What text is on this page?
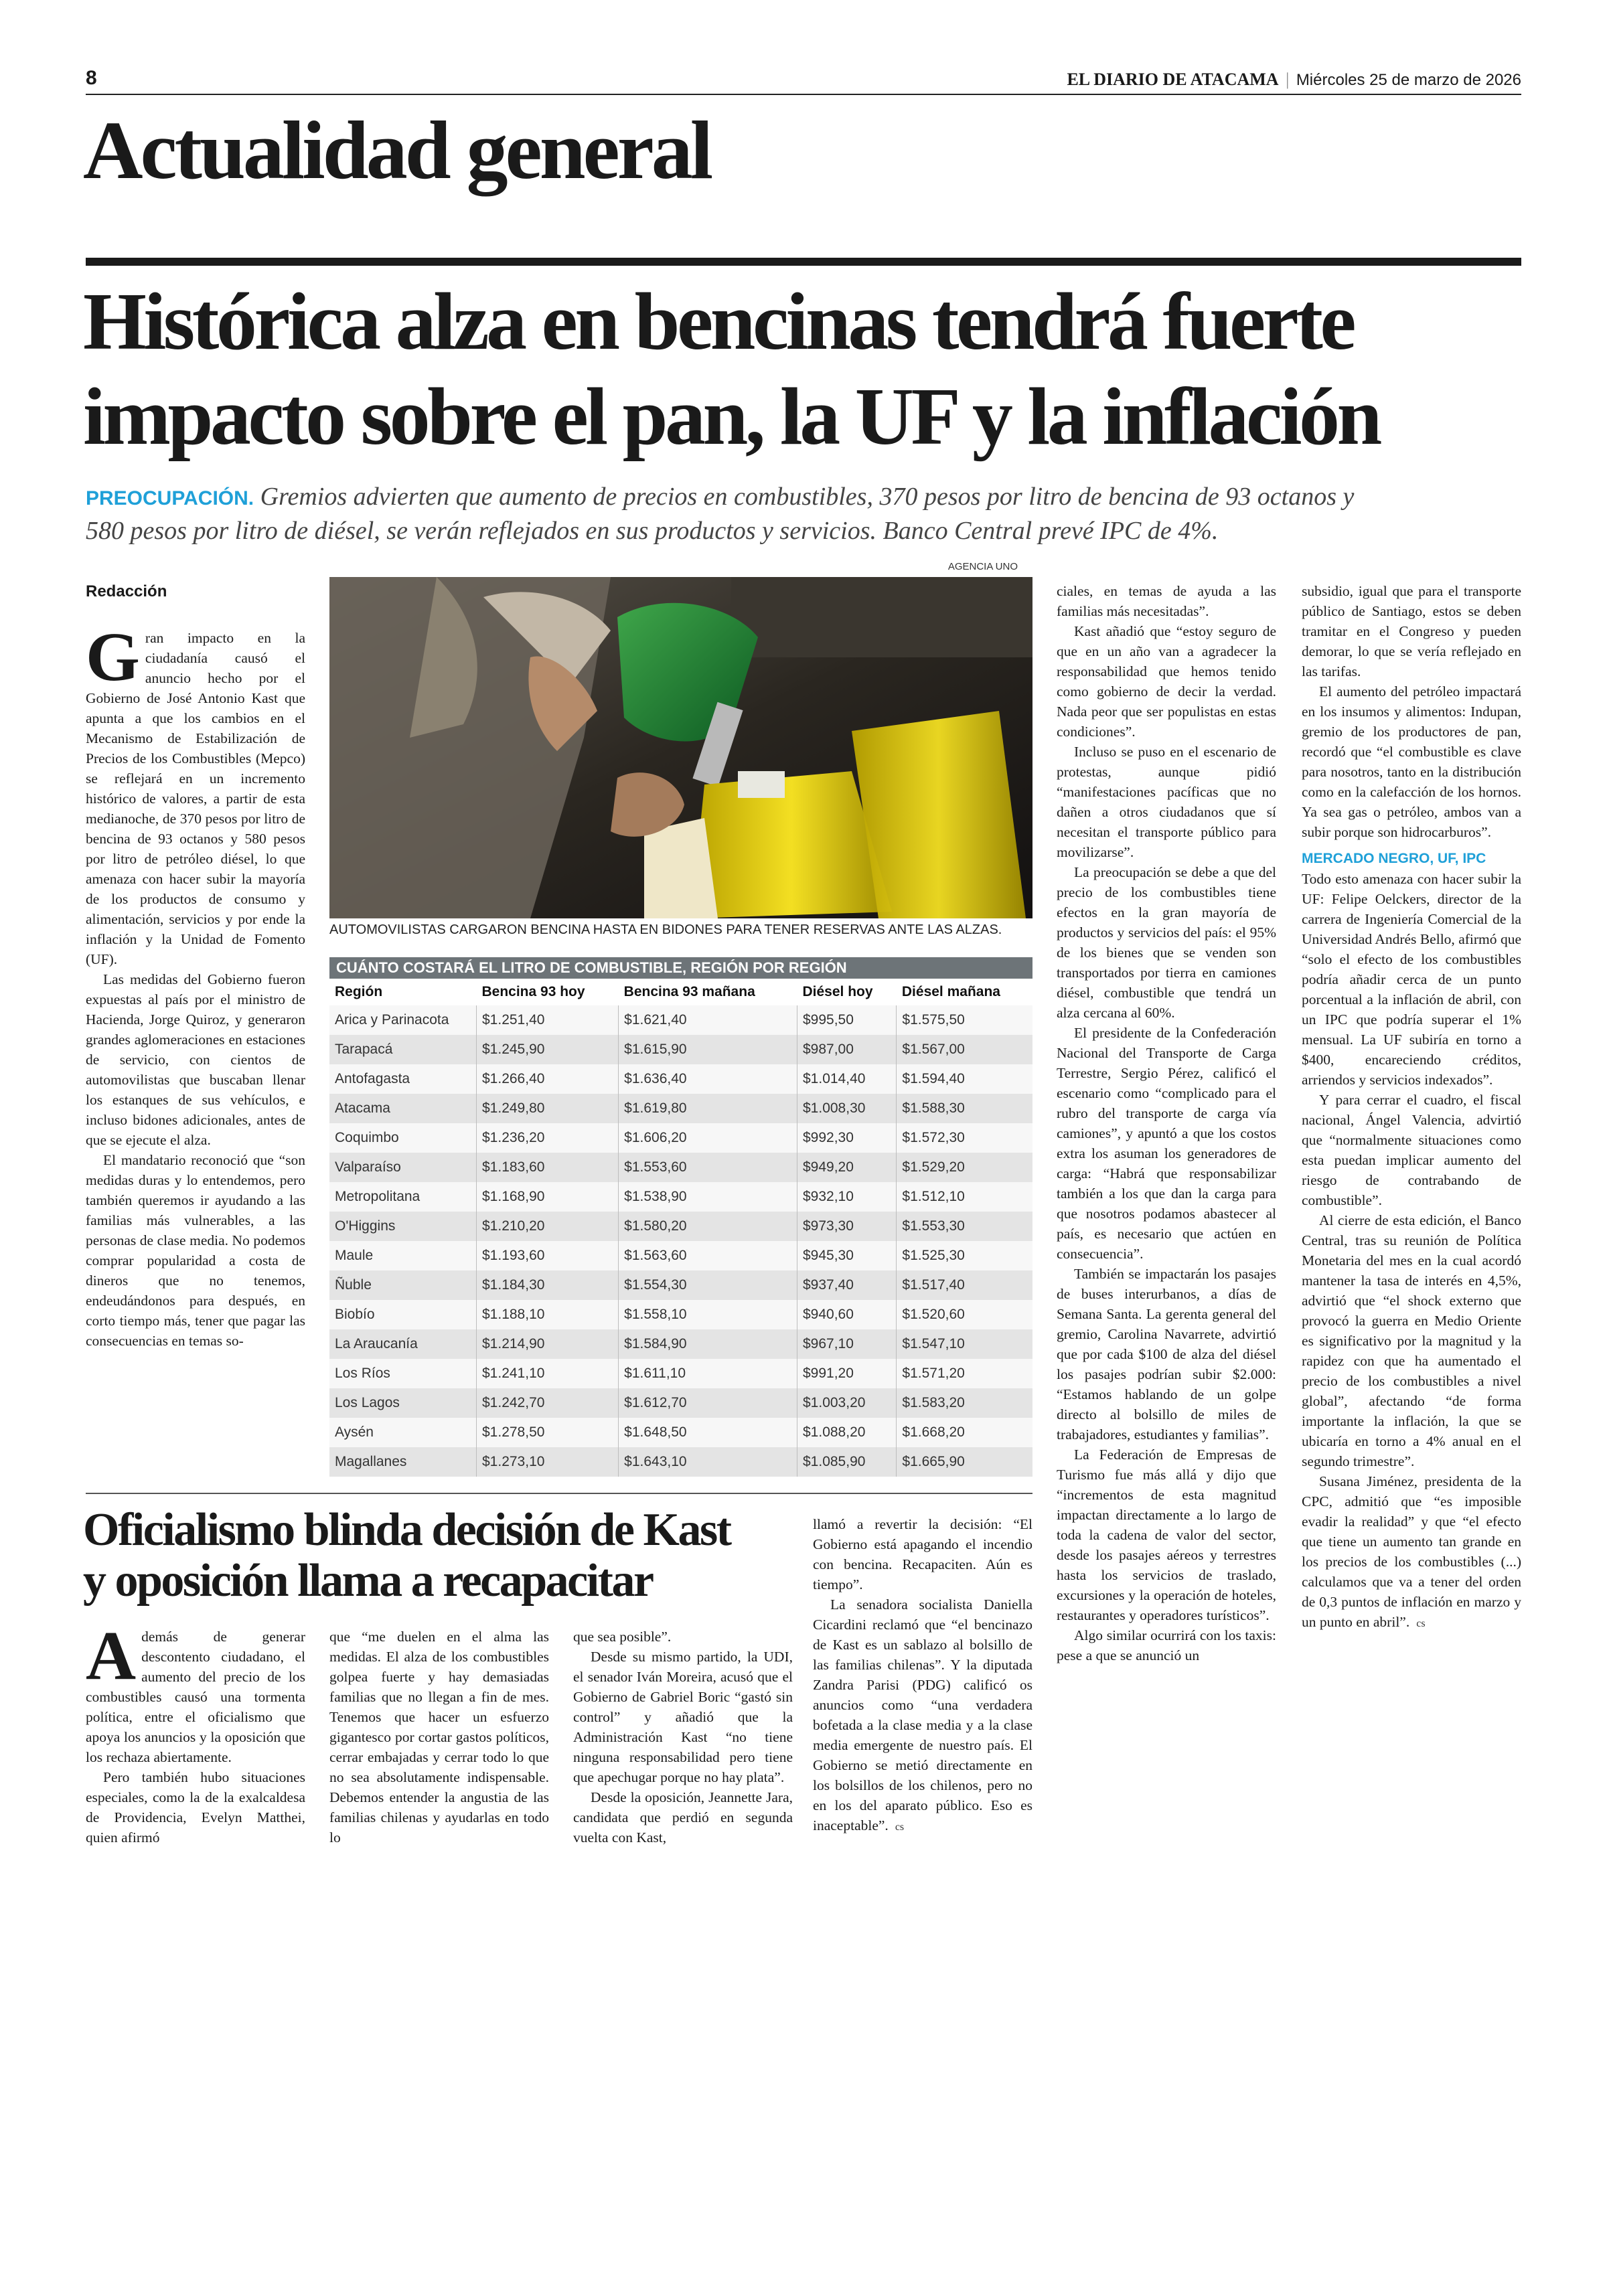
8	EL DIARIO DE ATACAMA | Miércoles 25 de marzo de 2026
Actualidad general
Histórica alza en bencinas tendrá fuerte
impacto sobre el pan, la UF y la inflación
PREOCUPACIÓN. Gremios advierten que aumento de precios en combustibles, 370 pesos por litro de bencina de 93 octanos y
580 pesos por litro de diésel, se verán reflejados en sus productos y servicios. Banco Central prevé IPC de 4%.
Redacción

Gran impacto en la ciudadanía causó el anuncio hecho por el Gobierno de José Antonio Kast que apunta a que los cambios en el Mecanismo de Estabilización de Precios de los Combustibles (Mepco) se reflejará en un incremento histórico de valores, a partir de esta medianoche, de 370 pesos por litro de bencina de 93 octanos y 580 pesos por litro de petróleo diésel, lo que amenaza con hacer subir la mayoría de los productos de consumo y alimentación, servicios y por ende la inflación y la Unidad de Fomento (UF).

Las medidas del Gobierno fueron expuestas al país por el ministro de Hacienda, Jorge Quiroz, y generaron grandes aglomeraciones en estaciones de servicio, con cientos de automovilistas que buscaban llenar los estanques de sus vehículos, e incluso bidones adicionales, antes de que se ejecute el alza.

El mandatario reconoció que “son medidas duras y lo entendemos, pero también queremos ir ayudando a las familias más vulnerables, a las personas de clase media. No podemos comprar popularidad a costa de dineros que no tenemos, endeudándonos para después, en corto tiempo más, tener que pagar las consecuencias en temas so-

AGENCIA UNO
AUTOMOVILISTAS CARGARON BENCINA HASTA EN BIDONES PARA TENER RESERVAS ANTE LAS ALZAS.
CUÁNTO COSTARÁ EL LITRO DE COMBUSTIBLE, REGIÓN POR REGIÓN
Región	Bencina 93 hoy	Bencina 93 mañana	Diésel hoy	Diésel mañana
Arica y Parinacota	$1.251,40	$1.621,40	$995,50	$1.575,50
Tarapacá	$1.245,90	$1.615,90	$987,00	$1.567,00
Antofagasta	$1.266,40	$1.636,40	$1.014,40	$1.594,40
Atacama	$1.249,80	$1.619,80	$1.008,30	$1.588,30
Coquimbo	$1.236,20	$1.606,20	$992,30	$1.572,30
Valparaíso	$1.183,60	$1.553,60	$949,20	$1.529,20
Metropolitana	$1.168,90	$1.538,90	$932,10	$1.512,10
O'Higgins	$1.210,20	$1.580,20	$973,30	$1.553,30
Maule	$1.193,60	$1.563,60	$945,30	$1.525,30
Ñuble	$1.184,30	$1.554,30	$937,40	$1.517,40
Biobío	$1.188,10	$1.558,10	$940,60	$1.520,60
La Araucanía	$1.214,90	$1.584,90	$967,10	$1.547,10
Los Ríos	$1.241,10	$1.611,10	$991,20	$1.571,20
Los Lagos	$1.242,70	$1.612,70	$1.003,20	$1.583,20
Aysén	$1.278,50	$1.648,50	$1.088,20	$1.668,20
Magallanes	$1.273,10	$1.643,10	$1.085,90	$1.665,90

ciales, en temas de ayuda a las familias más necesitadas”.

Kast añadió que “estoy seguro de que en un año van a agradecer la responsabilidad que hemos tenido como gobierno de decir la verdad. Nada peor que ser populistas en estas condiciones”.

Incluso se puso en el escenario de protestas, aunque pidió “manifestaciones pacíficas que no dañen a otros ciudadanos que sí necesitan el transporte público para movilizarse”.

La preocupación se debe a que del precio de los combustibles tiene efectos en la gran mayoría de productos y servicios del país: el 95% de los bienes que se venden son transportados por tierra en camiones diésel, combustible que tendrá un alza cercana al 60%.

El presidente de la Confederación Nacional del Transporte de Carga Terrestre, Sergio Pérez, calificó el escenario como “complicado para el rubro del transporte de carga vía camiones”, y apuntó a que los costos extra los asuman los generadores de carga: “Habrá que responsabilizar también a los que dan la carga para que nosotros podamos abastecer al país, es necesario que actúen en consecuencia”.

También se impactarán los pasajes de buses interurbanos, a días de Semana Santa. La gerenta general del gremio, Carolina Navarrete, advirtió que por cada $100 de alza del diésel los pasajes podrían subir $2.000: “Estamos hablando de un golpe directo al bolsillo de miles de trabajadores, estudiantes y familias”.

La Federación de Empresas de Turismo fue más allá y dijo que “incrementos de esta magnitud impactan directamente a lo largo de toda la cadena de valor del sector, desde los pasajes aéreos y terrestres hasta los servicios de traslado, excursiones y la operación de hoteles, restaurantes y operadores turísticos”.

Algo similar ocurrirá con los taxis: pese a que se anunció un

subsidio, igual que para el transporte público de Santiago, estos se deben tramitar en el Congreso y pueden demorar, lo que se vería reflejado en las tarifas.

El aumento del petróleo impactará en los insumos y alimentos: Indupan, gremio de los productores de pan, recordó que “el combustible es clave para nosotros, tanto en la distribución como en la calefacción de los hornos. Ya sea gas o petróleo, ambos van a subir porque son hidrocarburos”.

MERCADO NEGRO, UF, IPC

Todo esto amenaza con hacer subir la UF: Felipe Oelckers, director de la carrera de Ingeniería Comercial de la Universidad Andrés Bello, afirmó que “solo el efecto de los combustibles podría añadir cerca de un punto porcentual a la inflación de abril, con un IPC que podría superar el 1% mensual. La UF subiría en torno a $400, encareciendo créditos, arriendos y servicios indexados”.

Y para cerrar el cuadro, el fiscal nacional, Ángel Valencia, advirtió que “normalmente situaciones como esta puedan implicar aumento del riesgo de contrabando de combustible”.

Al cierre de esta edición, el Banco Central, tras su reunión de Política Monetaria del mes en la cual acordó mantener la tasa de interés en 4,5%, advirtió que “el shock externo que provocó la guerra en Medio Oriente es significativo por la magnitud y la rapidez con que ha aumentado el precio de los combustibles a nivel global”, afectando “de forma importante la inflación, la que se ubicaría en torno a 4% anual en el segundo trimestre”.

Susana Jiménez, presidenta de la CPC, admitió que “es imposible evadir la realidad” y que “el efecto que tiene un aumento tan grande en los precios de los combustibles (...) calculamos que va a tener del orden de 0,3 puntos de inflación en marzo y un punto en abril”. cs

Oficialismo blinda decisión de Kast
y oposición llama a recapacitar

Además de generar descontento ciudadano, el aumento del precio de los combustibles causó una tormenta política, entre el oficialismo que apoya los anuncios y la oposición que los rechaza abiertamente.

Pero también hubo situaciones especiales, como la de la exalcaldesa de Providencia, Evelyn Matthei, quien afirmó

que “me duelen en el alma las medidas. El alza de los combustibles golpea fuerte y hay demasiadas familias que no llegan a fin de mes. Tenemos que hacer un esfuerzo gigantesco por cortar gastos políticos, cerrar embajadas y cerrar todo lo que no sea absolutamente indispensable. Debemos entender la angustia de las familias chilenas y ayudarlas en todo lo

que sea posible”.

Desde su mismo partido, la UDI, el senador Iván Moreira, acusó que el Gobierno de Gabriel Boric “gastó sin control” y añadió que la Administración Kast “no tiene ninguna responsabilidad pero tiene que apechugar porque no hay plata”.

Desde la oposición, Jeannette Jara, candidata que perdió en segunda vuelta con Kast,

llamó a revertir la decisión: “El Gobierno está apagando el incendio con bencina. Recapaciten. Aún es tiempo”.

La senadora socialista Daniella Cicardini reclamó que “el bencinazo de Kast es un sablazo al bolsillo de las familias chilenas”. Y la diputada Zandra Parisi (PDG) calificó os anuncios como “una verdadera bofetada a la clase media y a la clase media emergente de nuestro país. El Gobierno se metió directamente en los bolsillos de los chilenos, pero no en los del aparato público. Eso es inaceptable”. cs
